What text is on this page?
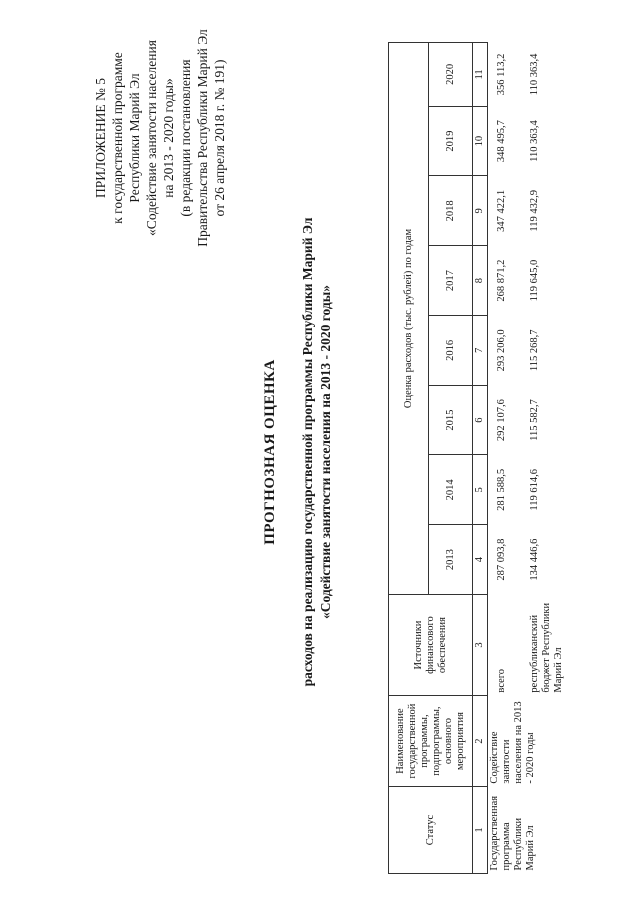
ПРИЛОЖЕНИЕ № 5 к государственной программе Республики Марий Эл «Содействие занятости населения на 2013 - 2020 годы» (в редакции постановления Правительства Республики Марий Эл от 26 апреля 2018 г. № 191)
ПРОГНОЗНАЯ ОЦЕНКА расходов на реализацию государственной программы Республики Марий Эл «Содействие занятости населения на 2013 - 2020 годы»
Статус	Наименование государственной программы, подпрограммы, основного мероприятия	Источники финансового обеспечения	Оценка расходов (тыс. рублей) по годам							
			2013	2014	2015	2016	2017	2018	2019	2020
1	2	3	4	5	6	7	8	9	10	11
Государственная программа Республики Марий Эл	Содействие занятости населения на 2013 - 2020 годы	всего	287 093,8	281 588,5	292 107,6	293 206,0	268 871,2	347 422,1	348 495,7	356 113,2
		республиканский бюджет Республики Марий Эл	134 446,6	119 614,6	115 582,7	115 268,7	119 645,0	119 432,9	110 363,4	110 363,4
